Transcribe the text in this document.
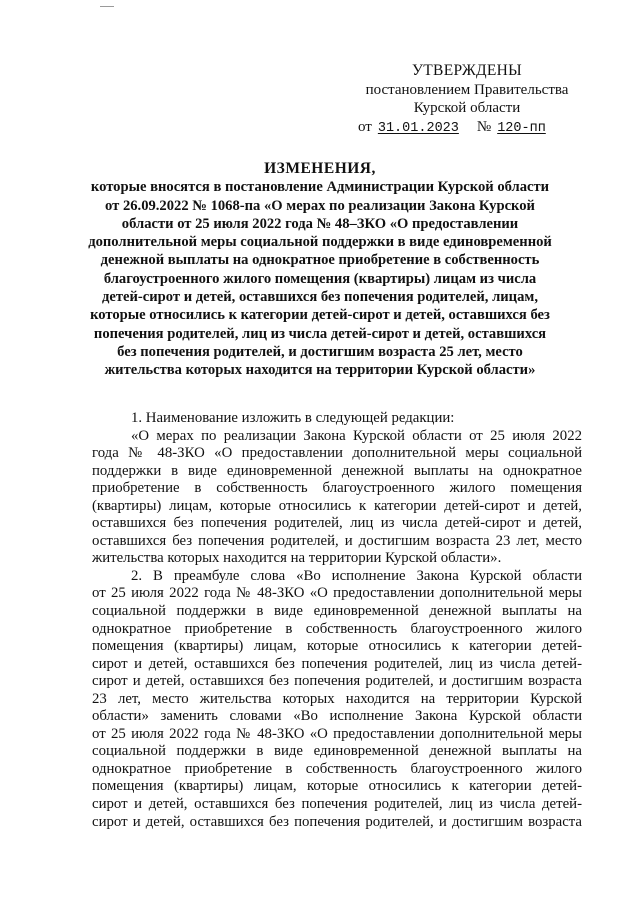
УТВЕРЖДЕНЫ
постановлением Правительства
Курской области
от 31.01.2023 № 120-пп
ИЗМЕНЕНИЯ,
которые вносятся в постановление Администрации Курской области
от 26.09.2022 № 1068-па «О мерах по реализации Закона Курской
области от 25 июля 2022 года № 48–ЗКО «О предоставлении
дополнительной меры социальной поддержки в виде единовременной
денежной выплаты на однократное приобретение в собственность
благоустроенного жилого помещения (квартиры) лицам из числа
детей-сирот и детей, оставшихся без попечения родителей, лицам,
которые относились к категории детей-сирот и детей, оставшихся без
попечения родителей, лиц из числа детей-сирот и детей, оставшихся
без попечения родителей, и достигшим возраста 25 лет, место
жительства которых находится на территории Курской области»
1. Наименование изложить в следующей редакции:
«О мерах по реализации Закона Курской области от 25 июля 2022
года № 48-ЗКО «О предоставлении дополнительной меры социальной
поддержки в виде единовременной денежной выплаты на однократное
приобретение в собственность благоустроенного жилого помещения
(квартиры) лицам, которые относились к категории детей-сирот и детей,
оставшихся без попечения родителей, лиц из числа детей-сирот и детей,
оставшихся без попечения родителей, и достигшим возраста 23 лет, место
жительства которых находится на территории Курской области».
2. В преамбуле слова «Во исполнение Закона Курской области
от 25 июля 2022 года № 48-ЗКО «О предоставлении дополнительной меры
социальной поддержки в виде единовременной денежной выплаты на
однократное приобретение в собственность благоустроенного жилого
помещения (квартиры) лицам, которые относились к категории детей-
сирот и детей, оставшихся без попечения родителей, лиц из числа детей-
сирот и детей, оставшихся без попечения родителей, и достигшим возраста
23 лет, место жительства которых находится на территории Курской
области» заменить словами «Во исполнение Закона Курской области
от 25 июля 2022 года № 48-ЗКО «О предоставлении дополнительной меры
социальной поддержки в виде единовременной денежной выплаты на
однократное приобретение в собственность благоустроенного жилого
помещения (квартиры) лицам, которые относились к категории детей-
сирот и детей, оставшихся без попечения родителей, лиц из числа детей-
сирот и детей, оставшихся без попечения родителей, и достигшим возраста
